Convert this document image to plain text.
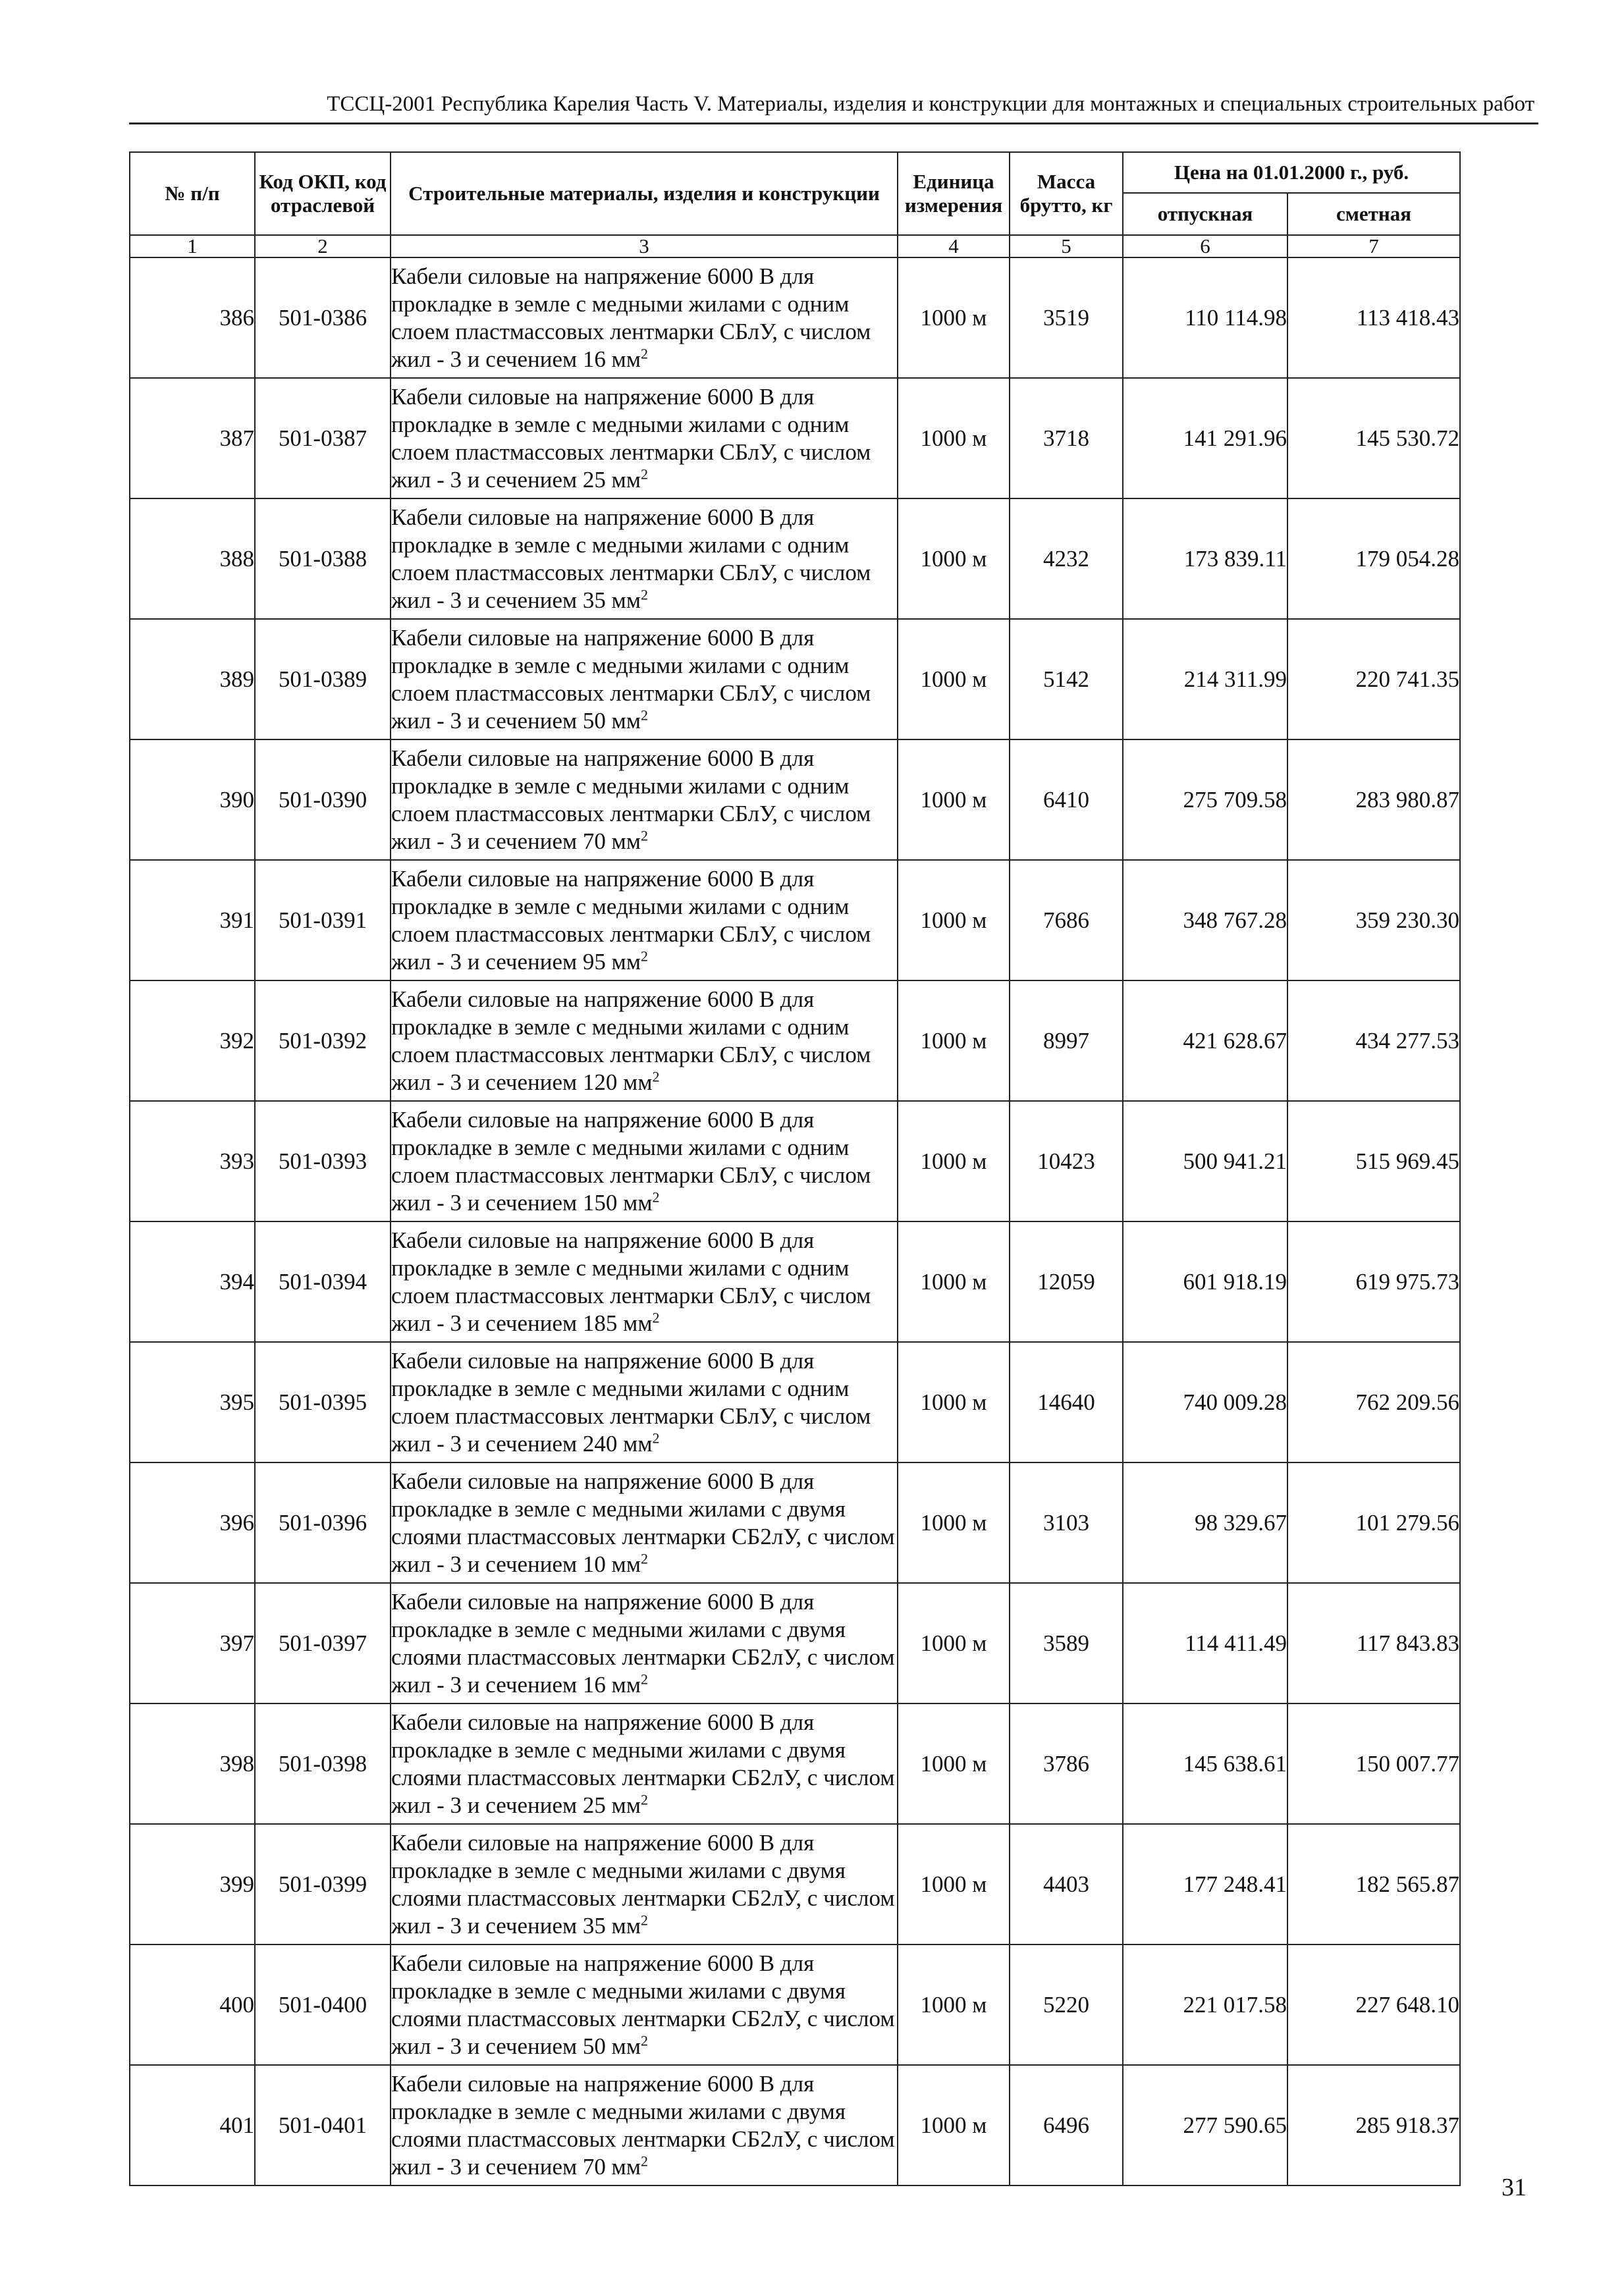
ТССЦ-2001 Республика Карелия Часть V. Материалы, изделия и конструкции для монтажных и специальных строительных работ
№ п/п	Код ОКП, код отраслевой	Строительные материалы, изделия и конструкции	Единица измерения	Масса брутто, кг	Цена на 01.01.2000 г., руб.	
					отпускная	сметная
1	2	3	4	5	6	7
386	501-0386	Кабели силовые на напряжение 6000 В для прокладке в земле с медными жилами с одним слоем пластмассовых лентмарки СБлУ, с числом жил - 3 и сечением 16 $мм^2$	1000 м	3519	110 114.98	113 418.43
387	501-0387	Кабели силовые на напряжение 6000 В для прокладке в земле с медными жилами с одним слоем пластмассовых лентмарки СБлУ, с числом жил - 3 и сечением 25 $мм^2$	1000 м	3718	141 291.96	145 530.72
388	501-0388	Кабели силовые на напряжение 6000 В для прокладке в земле с медными жилами с одним слоем пластмассовых лентмарки СБлУ, с числом жил - 3 и сечением 35 $мм^2$	1000 м	4232	173 839.11	179 054.28
389	501-0389	Кабели силовые на напряжение 6000 В для прокладке в земле с медными жилами с одним слоем пластмассовых лентмарки СБлУ, с числом жил - 3 и сечением 50 $мм^2$	1000 м	5142	214 311.99	220 741.35
390	501-0390	Кабели силовые на напряжение 6000 В для прокладке в земле с медными жилами с одним слоем пластмассовых лентмарки СБлУ, с числом жил - 3 и сечением 70 $мм^2$	1000 м	6410	275 709.58	283 980.87
391	501-0391	Кабели силовые на напряжение 6000 В для прокладке в земле с медными жилами с одним слоем пластмассовых лентмарки СБлУ, с числом жил - 3 и сечением 95 $мм^2$	1000 м	7686	348 767.28	359 230.30
392	501-0392	Кабели силовые на напряжение 6000 В для прокладке в земле с медными жилами с одним слоем пластмассовых лентмарки СБлУ, с числом жил - 3 и сечением 120 $мм^2$	1000 м	8997	421 628.67	434 277.53
393	501-0393	Кабели силовые на напряжение 6000 В для прокладке в земле с медными жилами с одним слоем пластмассовых лентмарки СБлУ, с числом жил - 3 и сечением 150 $мм^2$	1000 м	10423	500 941.21	515 969.45
394	501-0394	Кабели силовые на напряжение 6000 В для прокладке в земле с медными жилами с одним слоем пластмассовых лентмарки СБлУ, с числом жил - 3 и сечением 185 $мм^2$	1000 м	12059	601 918.19	619 975.73
395	501-0395	Кабели силовые на напряжение 6000 В для прокладке в земле с медными жилами с одним слоем пластмассовых лентмарки СБлУ, с числом жил - 3 и сечением 240 $мм^2$	1000 м	14640	740 009.28	762 209.56
396	501-0396	Кабели силовые на напряжение 6000 В для прокладке в земле с медными жилами с двумя слоями пластмассовых лентмарки СБ2лУ, с числом жил - 3 и сечением 10 $мм^2$	1000 м	3103	98 329.67	101 279.56
397	501-0397	Кабели силовые на напряжение 6000 В для прокладке в земле с медными жилами с двумя слоями пластмассовых лентмарки СБ2лУ, с числом жил - 3 и сечением 16 $мм^2$	1000 м	3589	114 411.49	117 843.83
398	501-0398	Кабели силовые на напряжение 6000 В для прокладке в земле с медными жилами с двумя слоями пластмассовых лентмарки СБ2лУ, с числом жил - 3 и сечением 25 $мм^2$	1000 м	3786	145 638.61	150 007.77
399	501-0399	Кабели силовые на напряжение 6000 В для прокладке в земле с медными жилами с двумя слоями пластмассовых лентмарки СБ2лУ, с числом жил - 3 и сечением 35 $мм^2$	1000 м	4403	177 248.41	182 565.87
400	501-0400	Кабели силовые на напряжение 6000 В для прокладке в земле с медными жилами с двумя слоями пластмассовых лентмарки СБ2лУ, с числом жил - 3 и сечением 50 $мм^2$	1000 м	5220	221 017.58	227 648.10
401	501-0401	Кабели силовые на напряжение 6000 В для прокладке в земле с медными жилами с двумя слоями пластмассовых лентмарки СБ2лУ, с числом жил - 3 и сечением 70 $мм^2$	1000 м	6496	277 590.65	285 918.37
31
